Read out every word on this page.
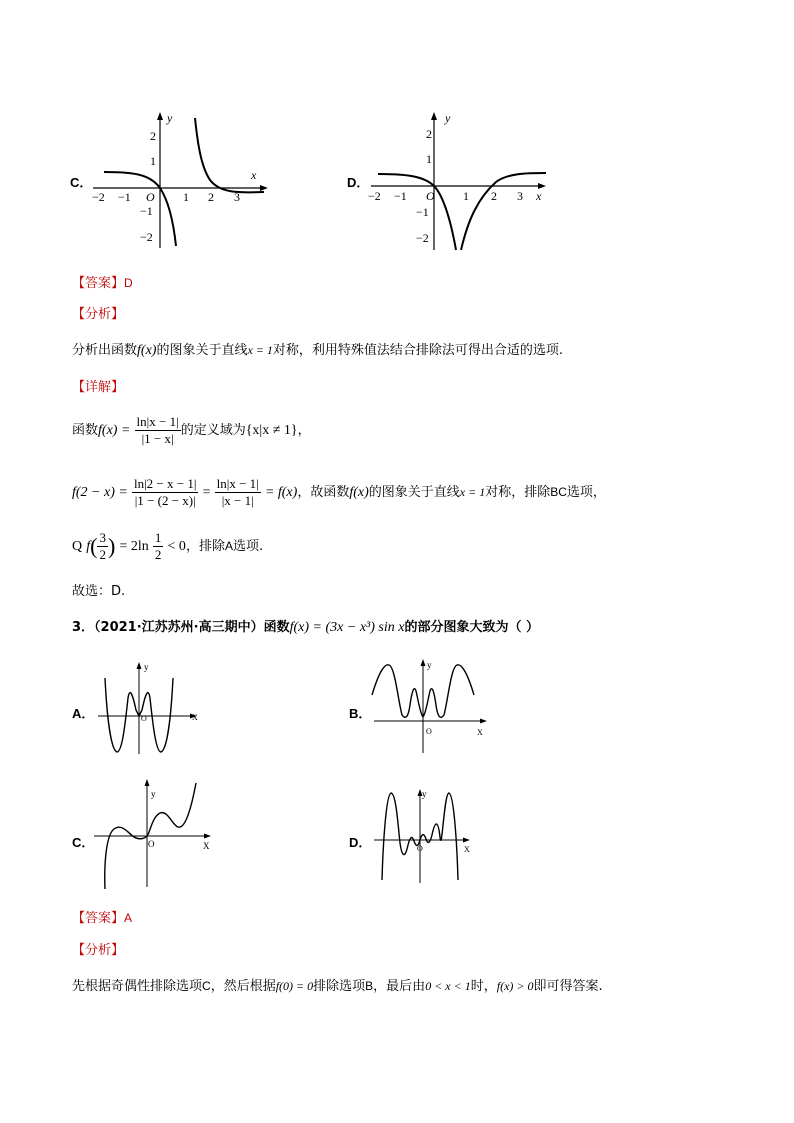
C．
y
x
−2 −1 O 1 2 3
2
1
−1
−2
D．
y
x
−2 −1 O 1 2 3
2
1
−1
−2
【答案】D
【分析】
分析出函数f(x)的图象关于直线x = 1对称，利用特殊值法结合排除法可得出合适的选项.
【详解】
函数$f(x) = \frac{\ln|x - 1|}{|1 - x|}$ 的定义域为{x|x ≠ 1}，
$f(2 - x) = \frac{\ln|2 - x - 1|}{|1 - (2 - x)|} = \frac{\ln|x - 1|}{|x - 1|} = f(x)$，故函数f(x)的图象关于直线x = 1对称，排除BC选项，
Q $f( \frac{3}{2}$ ) = $2\ln \frac{1}{2} < 0$，排除A选项.
故选：D.
3．（2021·江苏苏州·高三期中）函数f(x) = (3x − x³) sin x的部分图象大致为（ ）
A．
y
X
O	B．
y
X
O
C．
y
X
O	D．
y
X
O
【答案】A
【分析】
先根据奇偶性排除选项C，然后根据f(0) = 0排除选项B，最后由0 < x < 1时，f(x) > 0即可得答案.
